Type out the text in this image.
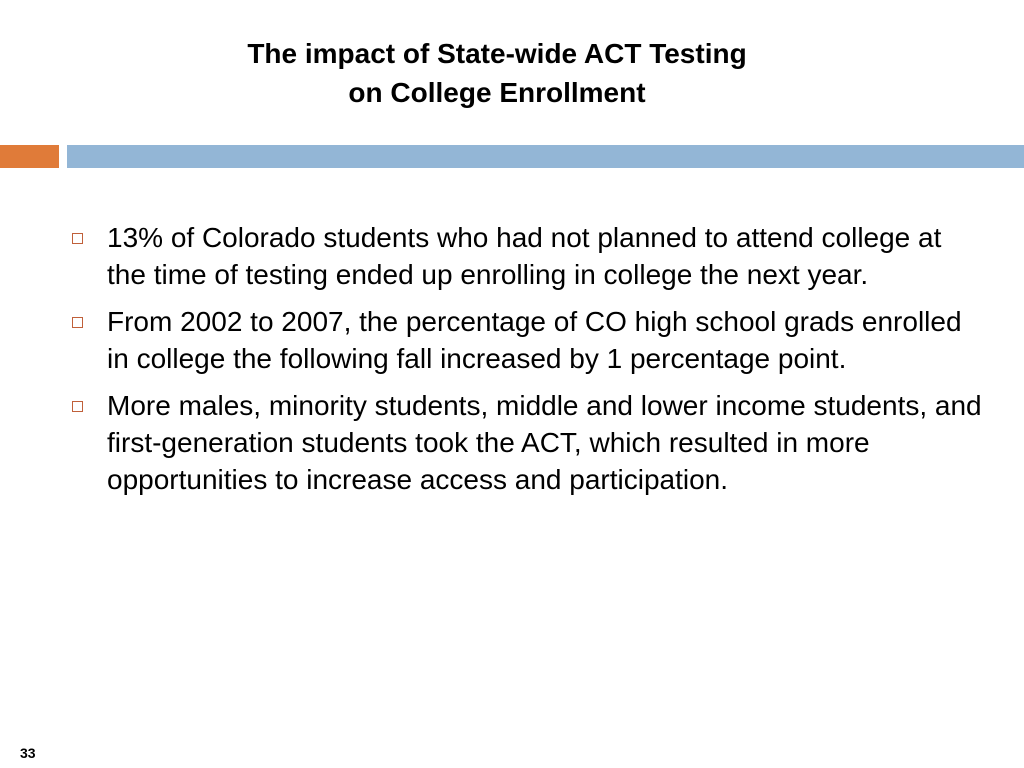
The impact of State-wide ACT Testing
on College Enrollment
13% of Colorado students who had not planned to attend college at the time of testing ended up enrolling in college the next year.
From 2002 to 2007, the percentage of CO high school grads enrolled in college the following fall increased by 1 percentage point.
More males, minority students, middle and lower income students, and first-generation students took the ACT, which resulted in more opportunities to increase access and participation.
33
